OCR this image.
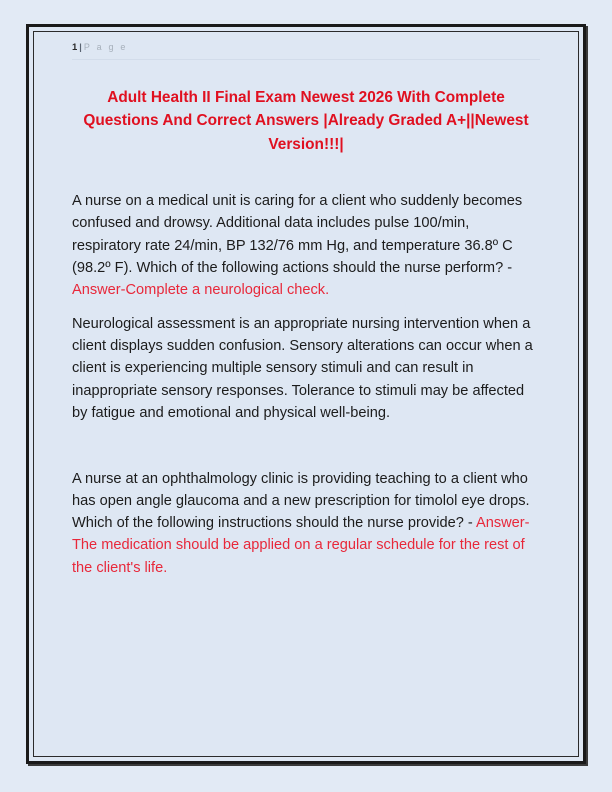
1 | P a g e
Adult Health II Final Exam Newest 2026 With Complete Questions And Correct Answers |Already Graded A+||Newest Version!!!|

A nurse on a medical unit is caring for a client who suddenly becomes confused and drowsy. Additional data includes pulse 100/min, respiratory rate 24/min, BP 132/76 mm Hg, and temperature 36.8º C (98.2º F). Which of the following actions should the nurse perform? - Answer-Complete a neurological check.

Neurological assessment is an appropriate nursing intervention when a client displays sudden confusion. Sensory alterations can occur when a client is experiencing multiple sensory stimuli and can result in inappropriate sensory responses. Tolerance to stimuli may be affected by fatigue and emotional and physical well-being.

A nurse at an ophthalmology clinic is providing teaching to a client who has open angle glaucoma and a new prescription for timolol eye drops. Which of the following instructions should the nurse provide? - Answer-The medication should be applied on a regular schedule for the rest of the client's life.
